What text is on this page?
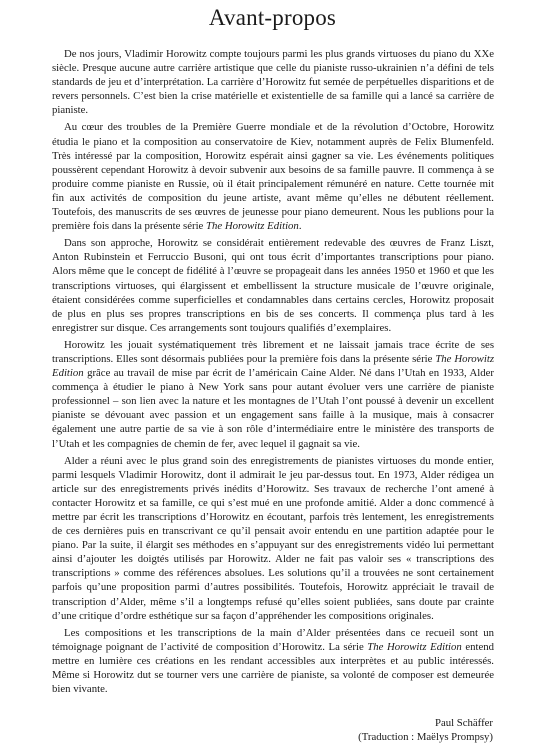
Avant-propos

De nos jours, Vladimir Horowitz compte toujours parmi les plus grands virtuoses du piano du XXe siècle. Presque aucune autre carrière artistique que celle du pianiste russo-ukrainien n’a défini de tels standards de jeu et d’interprétation. La carrière d’Horowitz fut semée de perpétuelles disparitions et de revers personnels. C’est bien la crise matérielle et existentielle de sa famille qui a lancé sa carrière de pianiste.

Au cœur des troubles de la Première Guerre mondiale et de la révolution d’Octobre, Horowitz étudia le piano et la composition au conservatoire de Kiev, notamment auprès de Felix Blumenfeld. Très intéressé par la composition, Horowitz espérait ainsi gagner sa vie. Les événements politiques poussèrent cependant Horowitz à devoir subvenir aux besoins de sa famille pauvre. Il commença à se produire comme pianiste en Russie, où il était principalement rémunéré en nature. Cette tournée mit fin aux activités de composition du jeune artiste, avant même qu’elles ne débutent réellement. Toutefois, des manuscrits de ses œuvres de jeunesse pour piano demeurent. Nous les publions pour la première fois dans la présente série The Horowitz Edition.

Dans son approche, Horowitz se considérait entièrement redevable des œuvres de Franz Liszt, Anton Rubinstein et Ferruccio Busoni, qui ont tous écrit d’importantes transcriptions pour piano. Alors même que le concept de fidélité à l’œuvre se propageait dans les années 1950 et 1960 et que les transcriptions virtuoses, qui élargissent et embellissent la structure musicale de l’œuvre originale, étaient considérées comme superficielles et condamnables dans certains cercles, Horowitz proposait de plus en plus ses propres transcriptions en bis de ses concerts. Il commença plus tard à les enregistrer sur disque. Ces arrangements sont toujours qualifiés d’exemplaires.

Horowitz les jouait systématiquement très librement et ne laissait jamais trace écrite de ses transcriptions. Elles sont désormais publiées pour la première fois dans la présente série The Horowitz Edition grâce au travail de mise par écrit de l’américain Caine Alder. Né dans l’Utah en 1933, Alder commença à étudier le piano à New York sans pour autant évoluer vers une carrière de pianiste professionnel – son lien avec la nature et les montagnes de l’Utah l’ont poussé à devenir un excellent pianiste se dévouant avec passion et un engagement sans faille à la musique, mais à consacrer également une autre partie de sa vie à son rôle d’intermédiaire entre le ministère des transports de l’Utah et les compagnies de chemin de fer, avec lequel il gagnait sa vie.

Alder a réuni avec le plus grand soin des enregistrements de pianistes virtuoses du monde entier, parmi lesquels Vladimir Horowitz, dont il admirait le jeu par-dessus tout. En 1973, Alder rédigea un article sur des enregistrements privés inédits d’Horowitz. Ses travaux de recherche l’ont amené à contacter Horowitz et sa famille, ce qui s’est mué en une profonde amitié. Alder a donc commencé à mettre par écrit les transcriptions d’Horowitz en écoutant, parfois très lentement, les enregistrements de ces dernières puis en transcrivant ce qu’il pensait avoir entendu en une partition adaptée pour le piano. Par la suite, il élargit ses méthodes en s’appuyant sur des enregistrements vidéo lui permettant ainsi d’ajouter les doigtés utilisés par Horowitz. Alder ne fait pas valoir ses « transcriptions des transcriptions » comme des références absolues. Les solutions qu’il a trouvées ne sont certainement parfois qu’une proposition parmi d’autres possibilités. Toutefois, Horowitz appréciait le travail de transcription d’Alder, même s’il a longtemps refusé qu’elles soient publiées, sans doute par crainte d’une critique d’ordre esthétique sur sa façon d’appréhender les compositions originales.

Les compositions et les transcriptions de la main d’Alder présentées dans ce recueil sont un témoignage poignant de l’activité de composition d’Horowitz. La série The Horowitz Edition entend mettre en lumière ces créations en les rendant accessibles aux interprètes et au public intéressés. Même si Horowitz dut se tourner vers une carrière de pianiste, sa volonté de composer est demeurée bien vivante.

Paul Schäffer
(Traduction : Maëlys Prompsy)
